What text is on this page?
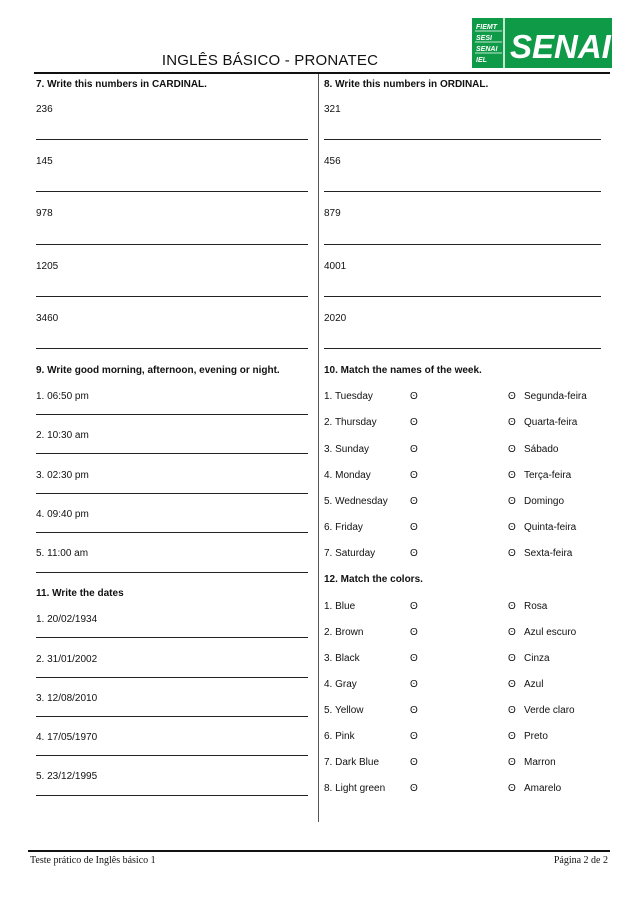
INGLÊS BÁSICO - PRONATEC
FIEMT
SESI
SENAI
IEL SENAI
7. Write this numbers in CARDINAL.
236
145
978
1205
3460
8. Write this numbers in ORDINAL.
321
456
879
4001
2020
9. Write good morning, afternoon, evening or night.
1. 06:50 pm
2. 10:30 am
3. 02:30 pm
4. 09:40 pm
5. 11:00 am
11. Write the dates
1. 20/02/1934
2. 31/01/2002
3. 12/08/2010
4. 17/05/1970
5. 23/12/1995
10. Match the names of the week.
1. Tuesday	ʘ	ʘ Segunda-feira
2. Thursday	ʘ	ʘ Quarta-feira
3. Sunday	ʘ	ʘ Sábado
4. Monday	ʘ	ʘ Terça-feira
5. Wednesday ʘ	ʘ Domingo
6. Friday	ʘ	ʘ Quinta-feira
7. Saturday	ʘ	ʘ Sexta-feira
12. Match the colors.
1. Blue	ʘ	ʘ Rosa
2. Brown	ʘ	ʘ Azul escuro
3. Black	ʘ	ʘ Cinza
4. Gray	ʘ	ʘ Azul
5. Yellow	ʘ	ʘ Verde claro
6. Pink	ʘ	ʘ Preto
7. Dark Blue	ʘ	ʘ Marron
8. Light green ʘ	ʘ Amarelo
Teste prático de Inglês básico 1	Página 2 de 2
